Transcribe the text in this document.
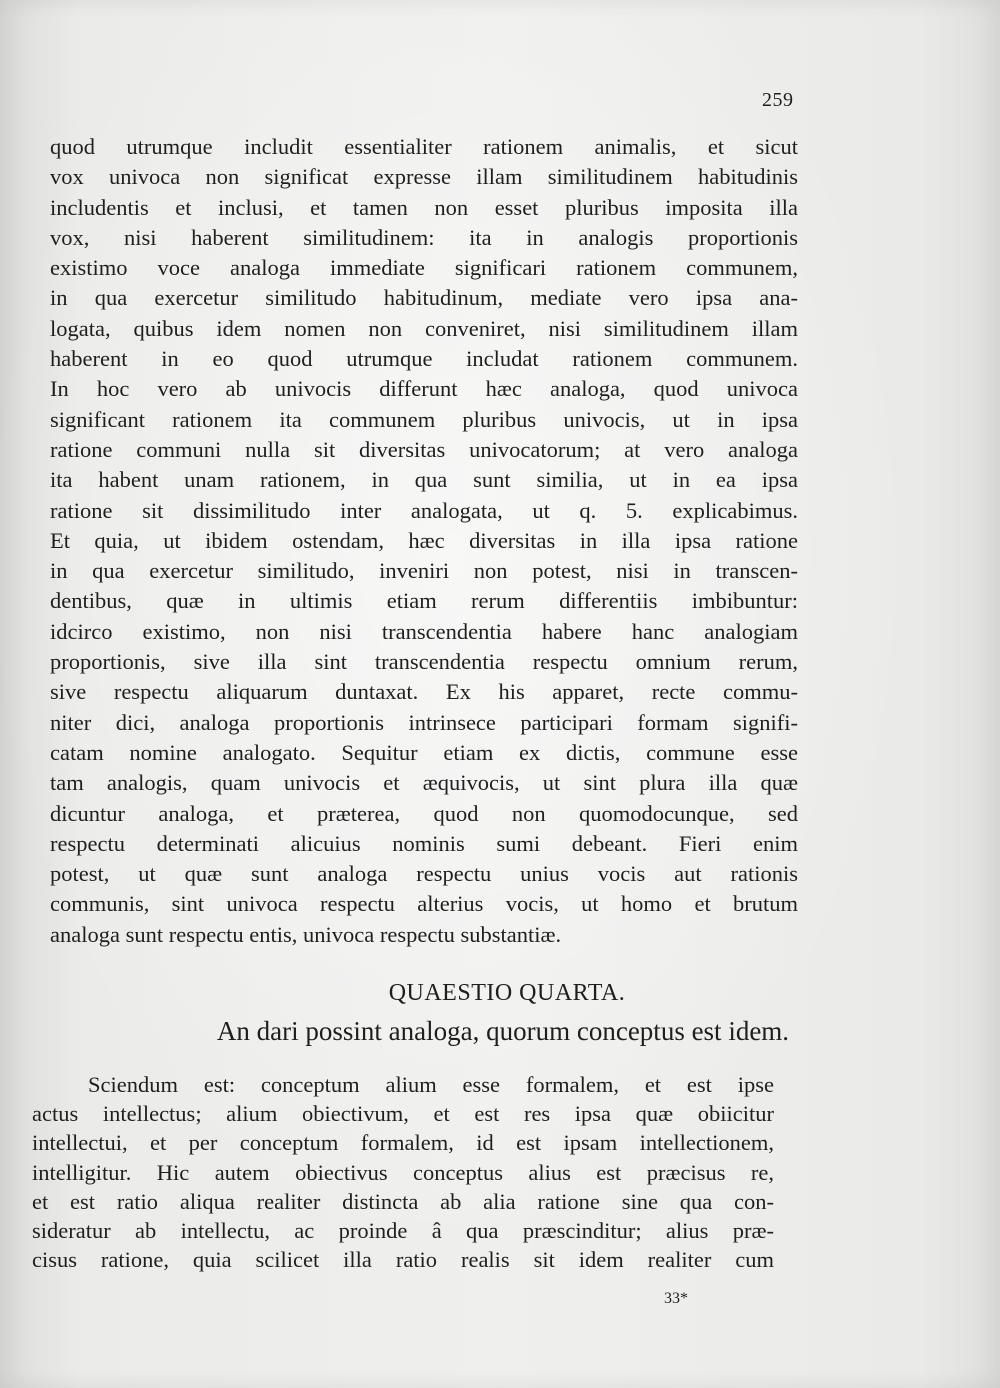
259
quod utrumque includit essentialiter rationem animalis, et sicut
vox univoca non significat expresse illam similitudinem habitudinis
includentis et inclusi, et tamen non esset pluribus imposita illa
vox, nisi haberent similitudinem: ita in analogis proportionis
existimo voce analoga immediate significari rationem communem,
in qua exercetur similitudo habitudinum, mediate vero ipsa ana-
logata, quibus idem nomen non conveniret, nisi similitudinem illam
haberent in eo quod utrumque includat rationem communem.
In hoc vero ab univocis differunt hæc analoga, quod univoca
significant rationem ita communem pluribus univocis, ut in ipsa
ratione communi nulla sit diversitas univocatorum; at vero analoga
ita habent unam rationem, in qua sunt similia, ut in ea ipsa
ratione sit dissimilitudo inter analogata, ut q. 5. explicabimus.
Et quia, ut ibidem ostendam, hæc diversitas in illa ipsa ratione
in qua exercetur similitudo, inveniri non potest, nisi in transcen-
dentibus, quæ in ultimis etiam rerum differentiis imbibuntur:
idcirco existimo, non nisi transcendentia habere hanc analogiam
proportionis, sive illa sint transcendentia respectu omnium rerum,
sive respectu aliquarum duntaxat. Ex his apparet, recte commu-
niter dici, analoga proportionis intrinsece participari formam signifi-
catam nomine analogato. Sequitur etiam ex dictis, commune esse
tam analogis, quam univocis et æquivocis, ut sint plura illa quæ
dicuntur analoga, et præterea, quod non quomodocunque, sed
respectu determinati alicuius nominis sumi debeant. Fieri enim
potest, ut quæ sunt analoga respectu unius vocis aut rationis
communis, sint univoca respectu alterius vocis, ut homo et brutum
analoga sunt respectu entis, univoca respectu substantiæ.
QUAESTIO QUARTA.
An dari possint analoga, quorum conceptus est idem.
Sciendum est: conceptum alium esse formalem, et est ipse
actus intellectus; alium obiectivum, et est res ipsa quæ obiicitur
intellectui, et per conceptum formalem, id est ipsam intellectionem,
intelligitur. Hic autem obiectivus conceptus alius est præcisus re,
et est ratio aliqua realiter distincta ab alia ratione sine qua con-
sideratur ab intellectu, ac proinde â qua præscinditur; alius præ-
cisus ratione, quia scilicet illa ratio realis sit idem realiter cum
33*
